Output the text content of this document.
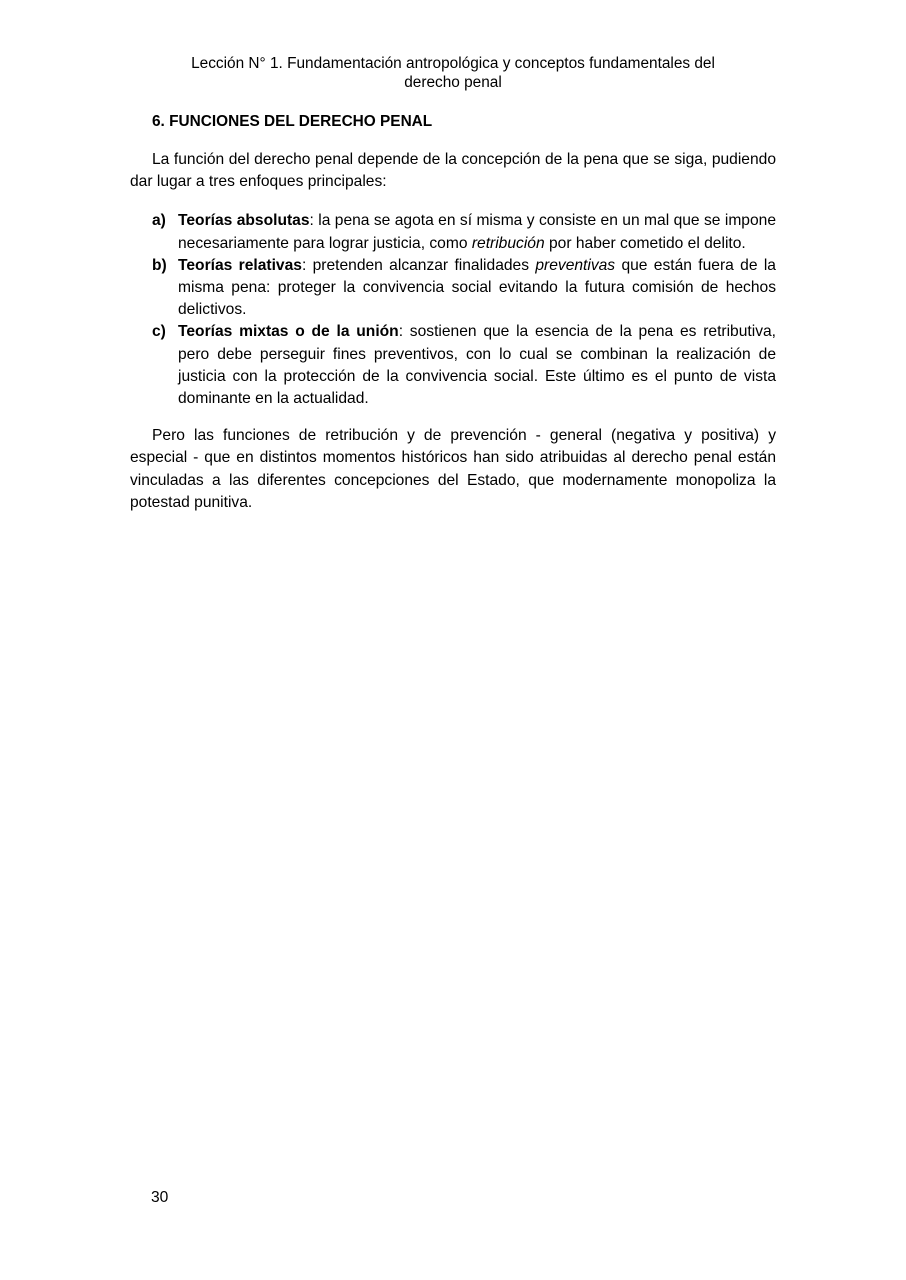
Lección N° 1. Fundamentación antropológica y conceptos fundamentales del
derecho penal

6. FUNCIONES DEL DERECHO PENAL

La función del derecho penal depende de la concepción de la pena que se siga, pudiendo dar lugar a tres enfoques principales:

a) Teorías absolutas: la pena se agota en sí misma y consiste en un mal que se impone necesariamente para lograr justicia, como retribución por haber cometido el delito.
b) Teorías relativas: pretenden alcanzar finalidades preventivas que están fuera de la misma pena: proteger la convivencia social evitando la futura comisión de hechos delictivos.
c) Teorías mixtas o de la unión: sostienen que la esencia de la pena es retributiva, pero debe perseguir fines preventivos, con lo cual se combinan la realización de justicia con la protección de la convivencia social. Este último es el punto de vista dominante en la actualidad.

Pero las funciones de retribución y de prevención - general (negativa y positiva) y especial - que en distintos momentos históricos han sido atribuidas al derecho penal están vinculadas a las diferentes concepciones del Estado, que modernamente monopoliza la potestad punitiva.

30
